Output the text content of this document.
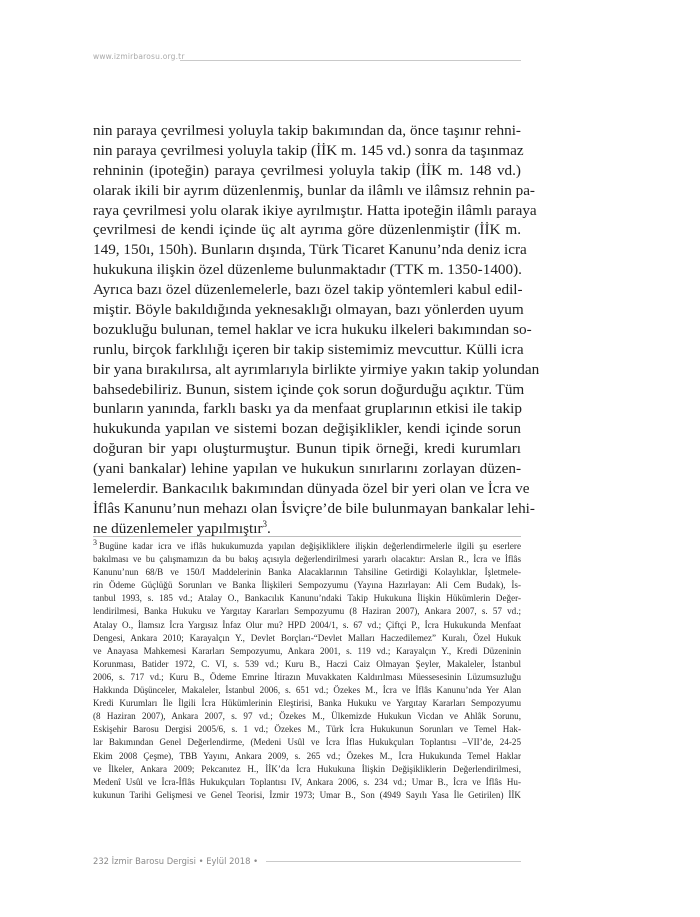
www.izmirbarosu.org.tr
nin paraya çevrilmesi yoluyla takip bakımından da, önce taşınır rehni-
nin paraya çevrilmesi yoluyla takip (İİK m. 145 vd.) sonra da taşınmaz
rehninin (ipoteğin) paraya çevrilmesi yoluyla takip (İİK m. 148 vd.)
olarak ikili bir ayrım düzenlenmiş, bunlar da ilâmlı ve ilâmsız rehnin pa-
raya çevrilmesi yolu olarak ikiye ayrılmıştır. Hatta ipoteğin ilâmlı paraya
çevrilmesi de kendi içinde üç alt ayrıma göre düzenlenmiştir (İİK m.
149, 150ı, 150h). Bunların dışında, Türk Ticaret Kanunu’nda deniz icra
hukukuna ilişkin özel düzenleme bulunmaktadır (TTK m. 1350-1400).
Ayrıca bazı özel düzenlemelerle, bazı özel takip yöntemleri kabul edil-
miştir. Böyle bakıldığında yeknesaklığı olmayan, bazı yönlerden uyum
bozukluğu bulunan, temel haklar ve icra hukuku ilkeleri bakımından so-
runlu, birçok farklılığı içeren bir takip sistemimiz mevcuttur. Külli icra
bir yana bırakılırsa, alt ayrımlarıyla birlikte yirmiye yakın takip yolundan
bahsedebiliriz. Bunun, sistem içinde çok sorun doğurduğu açıktır. Tüm
bunların yanında, farklı baskı ya da menfaat gruplarının etkisi ile takip
hukukunda yapılan ve sistemi bozan değişiklikler, kendi içinde sorun
doğuran bir yapı oluşturmuştur. Bunun tipik örneği, kredi kurumları
(yani bankalar) lehine yapılan ve hukukun sınırlarını zorlayan düzen-
lemelerdir. Bankacılık bakımından dünyada özel bir yeri olan ve İcra ve
İflâs Kanunu’nun mehazı olan İsviçre’de bile bulunmayan bankalar lehi-
ne düzenlemeler yapılmıştır$^3$.
3 Bugüne kadar icra ve iflâs hukukumuzda yapılan değişikliklere ilişkin değerlendirmelerle ilgili şu eserlere
bakılması ve bu çalışmamızın da bu bakış açısıyla değerlendirilmesi yararlı olacaktır: Arslan R., İcra ve İflâs
Kanunu’nun 68/B ve 150/I Maddelerinin Banka Alacaklarının Tahsiline Getirdiği Kolaylıklar, İşletmele-
rin Ödeme Güçlüğü Sorunları ve Banka İlişkileri Sempozyumu (Yayına Hazırlayan: Ali Cem Budak), İs-
tanbul 1993, s. 185 vd.; Atalay O., Bankacılık Kanunu’ndaki Takip Hukukuna İlişkin Hükümlerin Değer-
lendirilmesi, Banka Hukuku ve Yargıtay Kararları Sempozyumu (8 Haziran 2007), Ankara 2007, s. 57 vd.;
Atalay O., İlamsız İcra Yargısız İnfaz Olur mu? HPD 2004/1, s. 67 vd.; Çiftçi P., İcra Hukukunda Menfaat
Dengesi, Ankara 2010; Karayalçın Y., Devlet Borçları-“Devlet Malları Haczedilemez” Kuralı, Özel Hukuk
ve Anayasa Mahkemesi Kararları Sempozyumu, Ankara 2001, s. 119 vd.; Karayalçın Y., Kredi Düzeninin
Korunması, Batider 1972, C. VI, s. 539 vd.; Kuru B., Haczi Caiz Olmayan Şeyler, Makaleler, İstanbul
2006, s. 717 vd.; Kuru B., Ödeme Emrine İtirazın Muvakkaten Kaldırılması Müessesesinin Lüzumsuzluğu
Hakkında Düşünceler, Makaleler, İstanbul 2006, s. 651 vd.; Özekes M., İcra ve İflâs Kanunu’nda Yer Alan
Kredi Kurumları İle İlgili İcra Hükümlerinin Eleştirisi, Banka Hukuku ve Yargıtay Kararları Sempozyumu
(8 Haziran 2007), Ankara 2007, s. 97 vd.; Özekes M., Ülkemizde Hukukun Vicdan ve Ahlâk Sorunu,
Eskişehir Barosu Dergisi 2005/6, s. 1 vd.; Özekes M., Türk İcra Hukukunun Sorunları ve Temel Hak-
lar Bakımından Genel Değerlendirme, (Medeni Usûl ve İcra İflas Hukukçuları Toplantısı –VII’de, 24-25
Ekim 2008 Çeşme), TBB Yayını, Ankara 2009, s. 265 vd.; Özekes M., İcra Hukukunda Temel Haklar
ve İlkeler, Ankara 2009; Pekcanıtez H., İİK’da İcra Hukukuna İlişkin Değişikliklerin Değerlendirilmesi,
Medenî Usûl ve İcra-İflâs Hukukçuları Toplantısı IV, Ankara 2006, s. 234 vd.; Umar B., İcra ve İflâs Hu-
kukunun Tarihi Gelişmesi ve Genel Teorisi, İzmir 1973; Umar B., Son (4949 Sayılı Yasa İle Getirilen) İİK
232 İzmir Barosu Dergisi • Eylül 2018 •
